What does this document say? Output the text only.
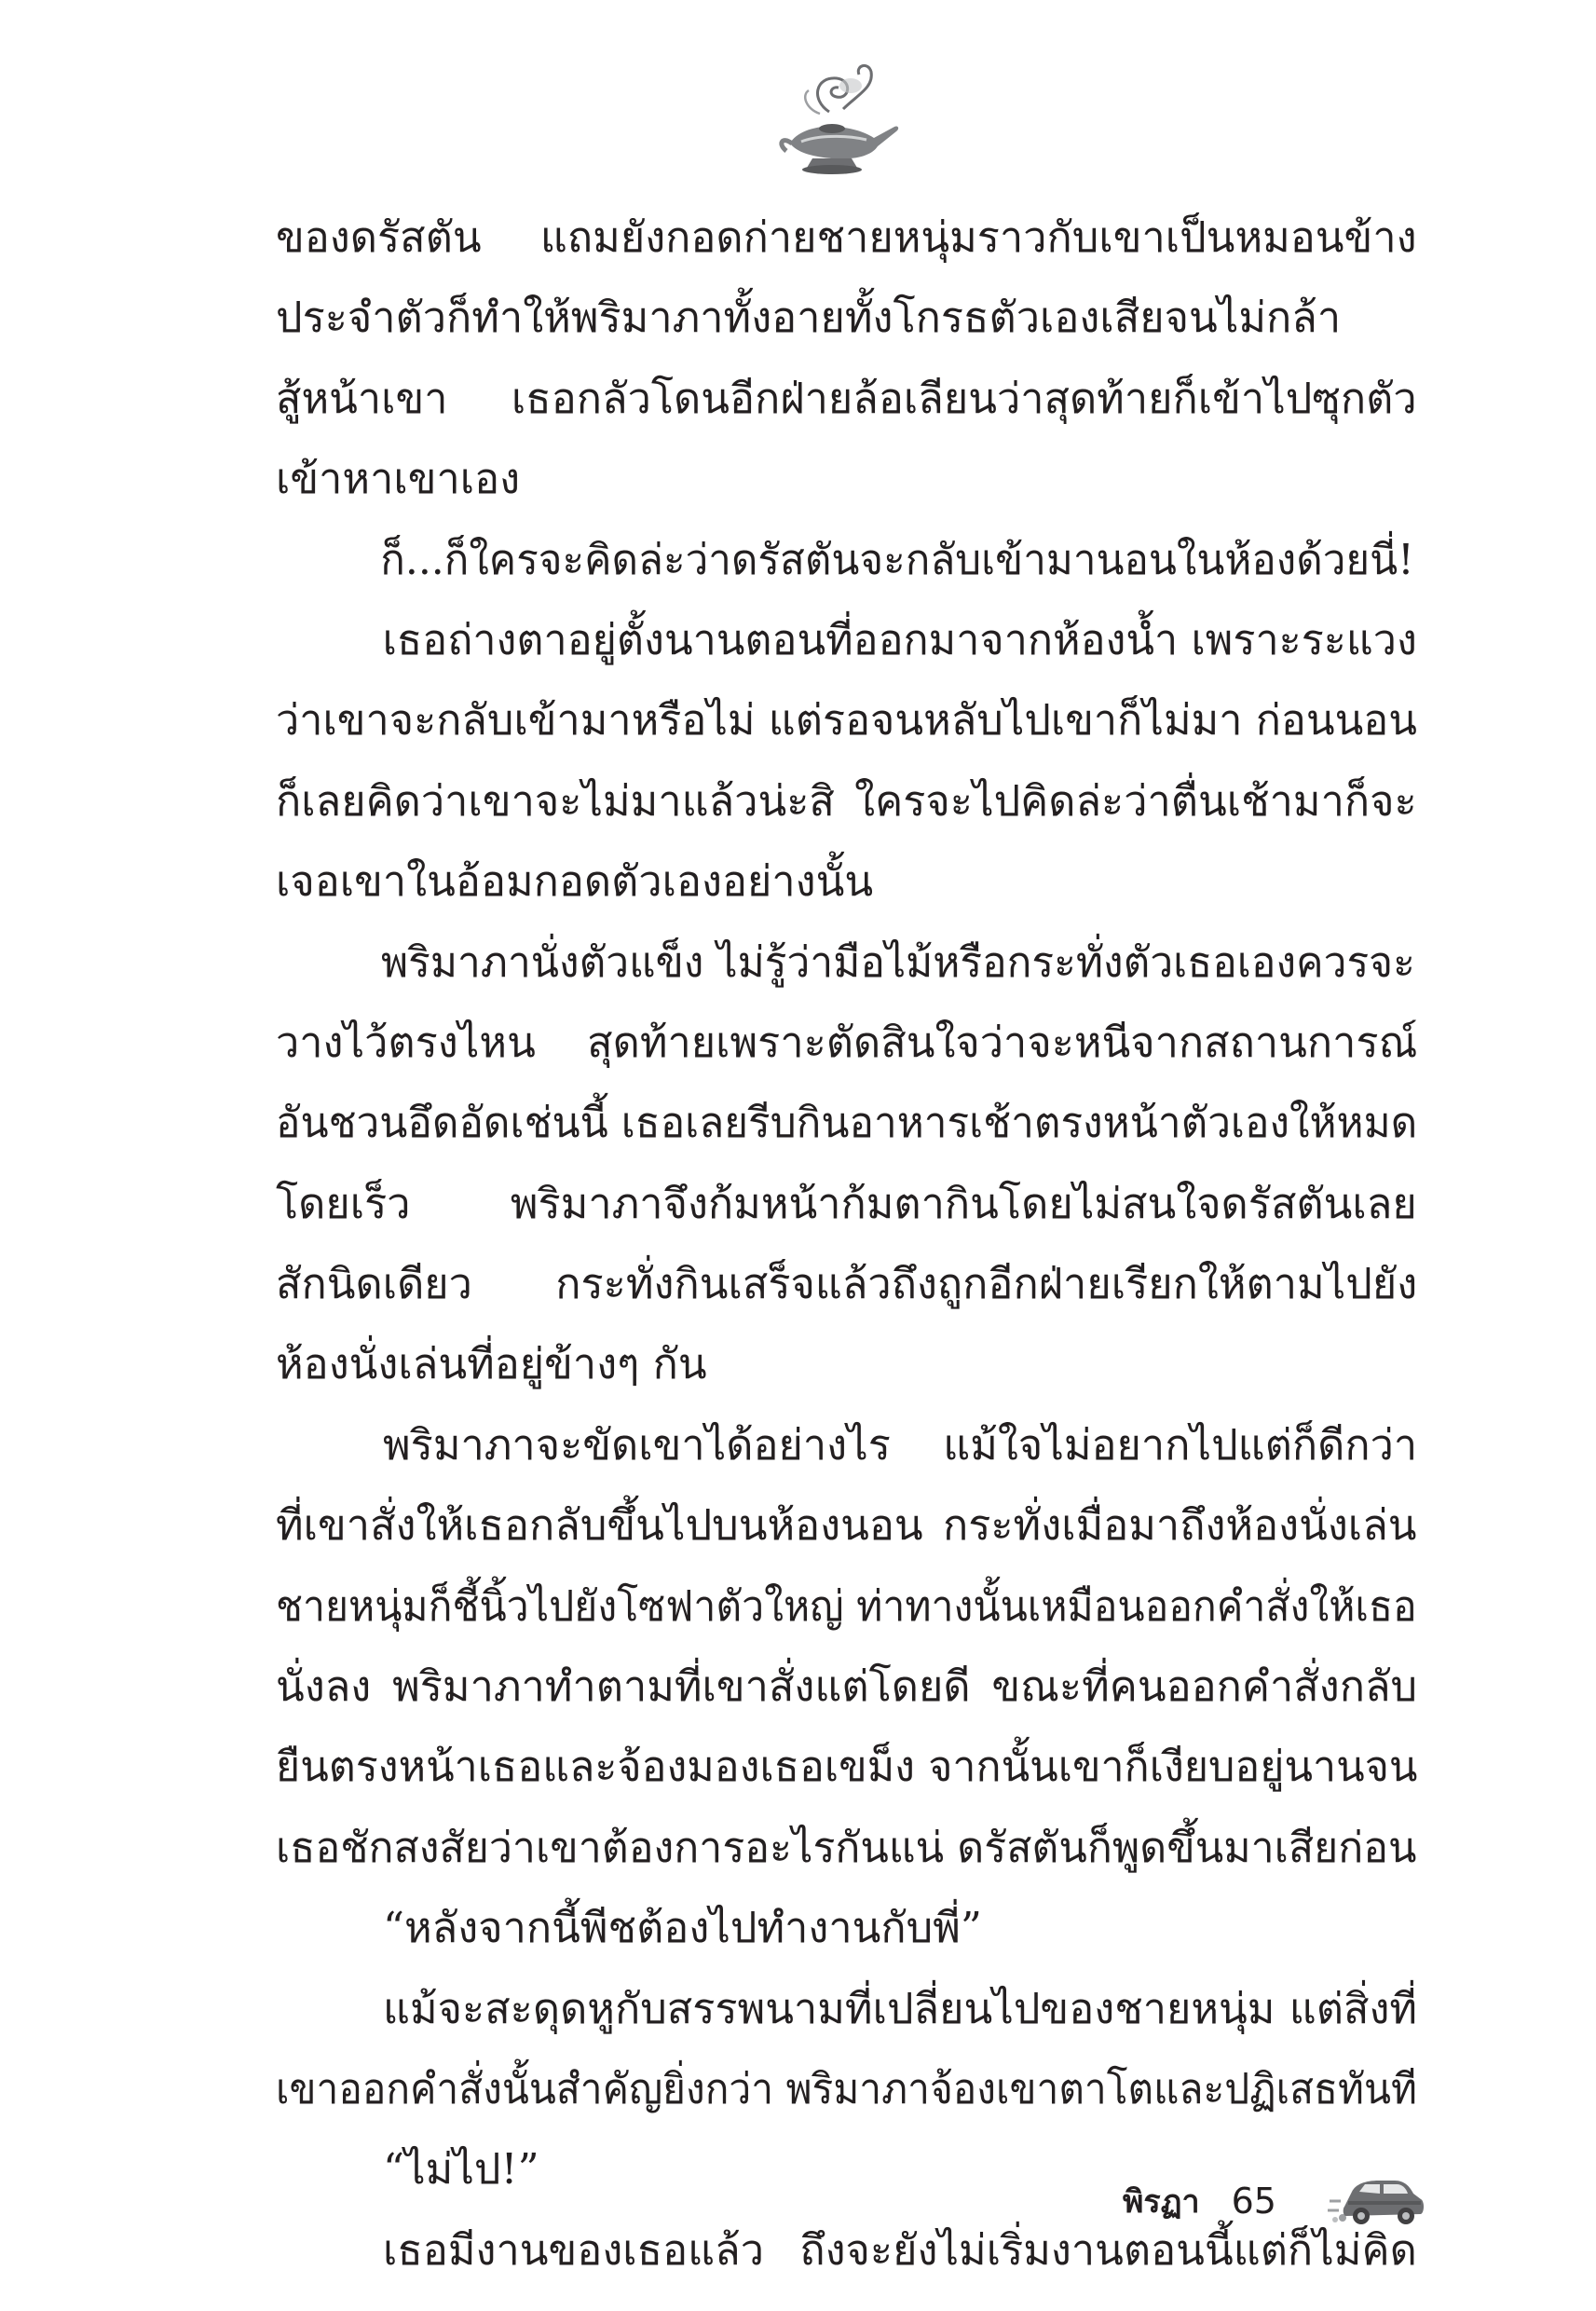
ของดรัสตัน แถมยังกอดก่ายชายหนุ่มราวกับเขาเป็นหมอนข้าง
ประจำตัวก็ทำให้พริมาภาทั้งอายทั้งโกรธตัวเองเสียจนไม่กล้า
สู้หน้าเขา เธอกลัวโดนอีกฝ่ายล้อเลียนว่าสุดท้ายก็เข้าไปซุกตัว
เข้าหาเขาเอง
ก็...ก็ใครจะคิดล่ะว่าดรัสตันจะกลับเข้ามานอนในห้องด้วยนี่!
เธอถ่างตาอยู่ตั้งนานตอนที่ออกมาจากห้องน้ำ เพราะระแวง
ว่าเขาจะกลับเข้ามาหรือไม่ แต่รอจนหลับไปเขาก็ไม่มา ก่อนนอน
ก็เลยคิดว่าเขาจะไม่มาแล้วน่ะสิ ใครจะไปคิดล่ะว่าตื่นเช้ามาก็จะ
เจอเขาในอ้อมกอดตัวเองอย่างนั้น
พริมาภานั่งตัวแข็ง ไม่รู้ว่ามือไม้หรือกระทั่งตัวเธอเองควรจะ
วางไว้ตรงไหน สุดท้ายเพราะตัดสินใจว่าจะหนีจากสถานการณ์
อันชวนอึดอัดเช่นนี้ เธอเลยรีบกินอาหารเช้าตรงหน้าตัวเองให้หมด
โดยเร็ว พริมาภาจึงก้มหน้าก้มตากินโดยไม่สนใจดรัสตันเลย
สักนิดเดียว กระทั่งกินเสร็จแล้วถึงถูกอีกฝ่ายเรียกให้ตามไปยัง
ห้องนั่งเล่นที่อยู่ข้างๆ กัน
พริมาภาจะขัดเขาได้อย่างไร แม้ใจไม่อยากไปแต่ก็ดีกว่า
ที่เขาสั่งให้เธอกลับขึ้นไปบนห้องนอน กระทั่งเมื่อมาถึงห้องนั่งเล่น
ชายหนุ่มก็ชี้นิ้วไปยังโซฟาตัวใหญ่ ท่าทางนั้นเหมือนออกคำสั่งให้เธอ
นั่งลง พริมาภาทำตามที่เขาสั่งแต่โดยดี ขณะที่คนออกคำสั่งกลับ
ยืนตรงหน้าเธอและจ้องมองเธอเขม็ง จากนั้นเขาก็เงียบอยู่นานจน
เธอชักสงสัยว่าเขาต้องการอะไรกันแน่ ดรัสตันก็พูดขึ้นมาเสียก่อน
“หลังจากนี้พีชต้องไปทำงานกับพี่”
แม้จะสะดุดหูกับสรรพนามที่เปลี่ยนไปของชายหนุ่ม แต่สิ่งที่
เขาออกคำสั่งนั้นสำคัญยิ่งกว่า พริมาภาจ้องเขาตาโตและปฏิเสธทันที
“ไม่ไป!”
เธอมีงานของเธอแล้ว ถึงจะยังไม่เริ่มงานตอนนี้แต่ก็ไม่คิด
พิรฏา 65
